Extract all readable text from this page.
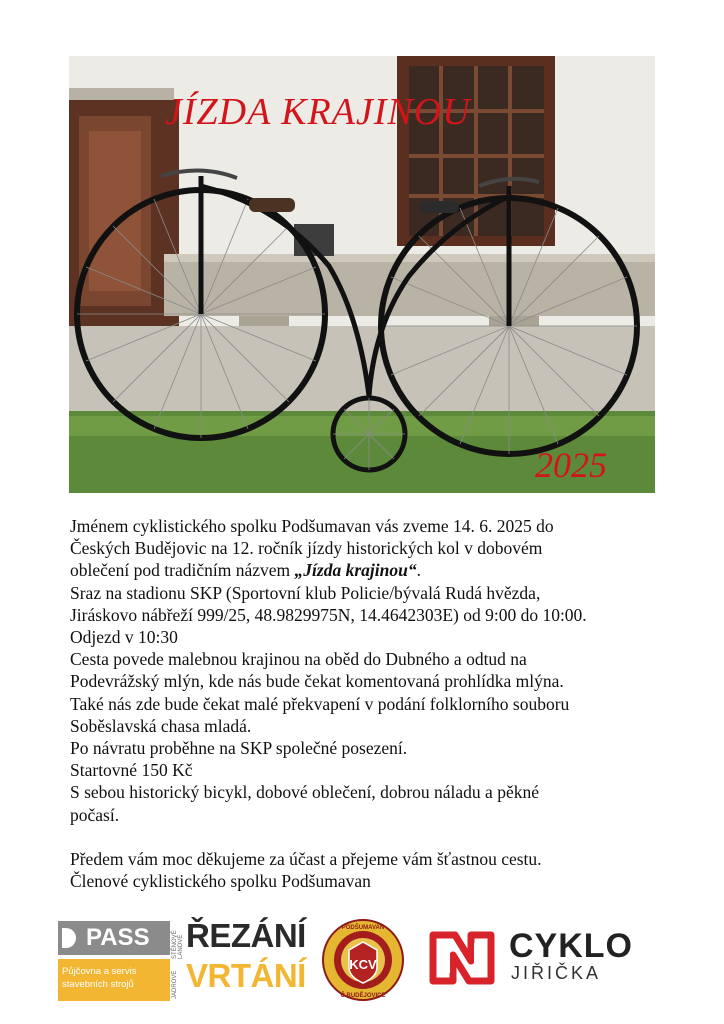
JÍZDA KRAJINOU
2025

Jménem cyklistického spolku Podšumavan vás zveme 14. 6. 2025 do

Českých Budějovic na 12. ročník jízdy historických kol v dobovém

oblečení pod tradičním názvem „Jízda krajinou“.

Sraz na stadionu SKP (Sportovní klub Policie/bývalá Rudá hvězda,

Jiráskovo nábřeží 999/25, 48.9829975N, 14.4642303E) od 9:00 do 10:00.

Odjezd v 10:30

Cesta povede malebnou krajinou na oběd do Dubného a odtud na

Podevrážský mlýn, kde nás bude čekat komentovaná prohlídka mlýna.

Také nás zde bude čekat malé překvapení v podání folklorního souboru

Soběslavská chasa mladá.

Po návratu proběhne na SKP společné posezení.

Startovné 150 Kč

S sebou historický bicykl, dobové oblečení, dobrou náladu a pěkné

počasí.

Předem vám moc děkujeme za účast a přejeme vám šťastnou cestu.

Členové cyklistického spolku Podšumavan

PASS
Půjčovna a servis
stavebních strojů
STĚNOVÉ LANOVÉ
JÁDROVÉ
ŘEZÁNÍ
VRTÁNÍ	KCV
PODŠUMAVAN
Č.BUDĚJOVICE
CYKLO
JIŘIČKA
